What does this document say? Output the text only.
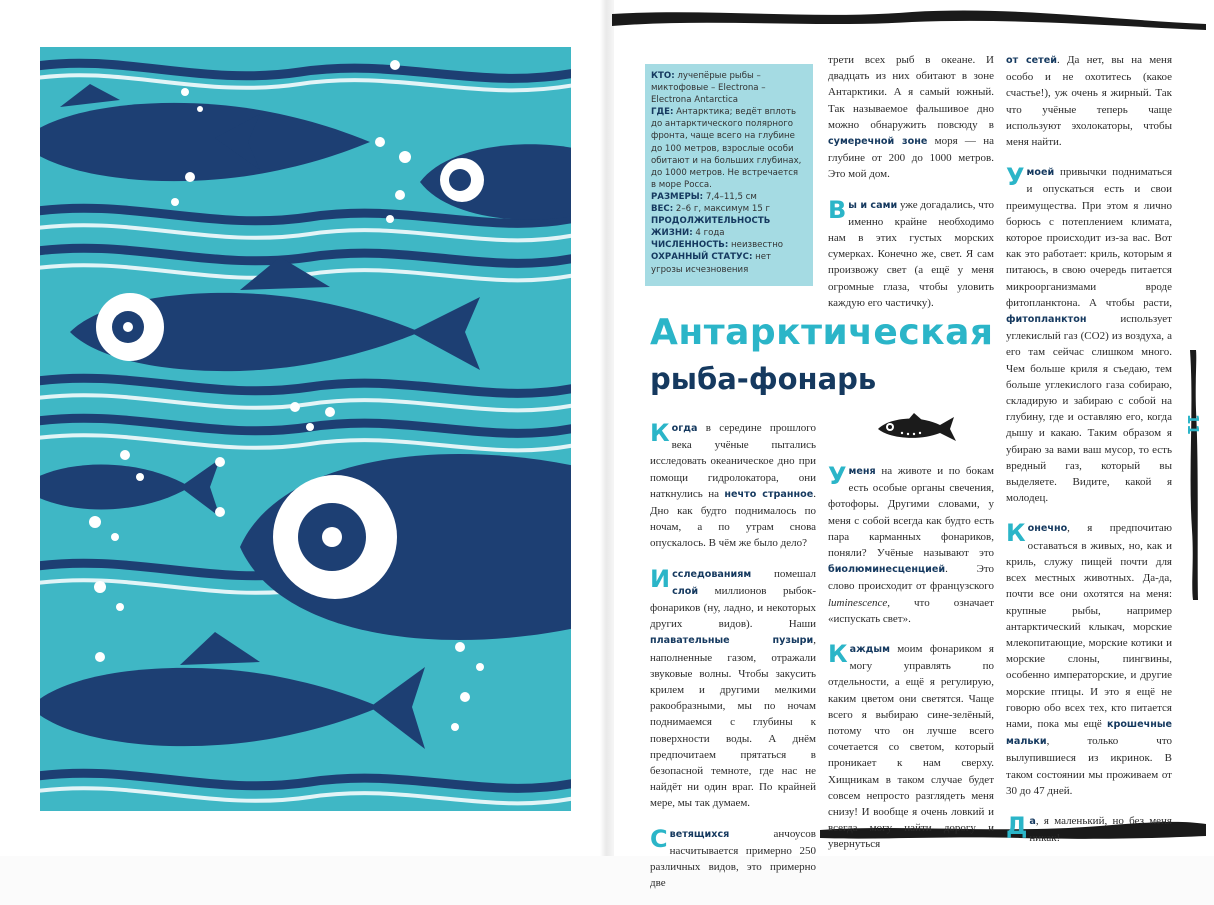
11

КТО: лучепёрые рыбы – миктофовые – Electrona – Electrona Antarctica

ГДЕ: Антарктика; ведёт вплоть до антарктического полярного фронта, чаще всего на глубине до 100 метров, взрослые особи обитают и на больших глубинах, до 1000 метров. Не встречается в море Росса.

РАЗМЕРЫ: 7,4–11,5 см

ВЕС: 2–6 г, максимум 15 г

ПРОДОЛЖИТЕЛЬНОСТЬ ЖИЗНИ: 4 года

ЧИСЛЕННОСТЬ: неизвестно

ОХРАННЫЙ СТАТУС: нет угрозы исчезновения

Антарктическая
рыба-фонарь

Когда в середине прошлого века учёные пытались исследовать океаническое дно при помощи гидролокатора, они наткнулись на нечто странное. Дно как будто поднималось по ночам, а по утрам снова опускалось. В чём же было дело?

Исследованиям помешал слой миллионов рыбок-фонариков (ну, ладно, и некоторых других видов). Наши плавательные пузыри, наполненные газом, отражали звуковые волны. Чтобы закусить крилем и другими мелкими ракообразными, мы по ночам поднимаемся с глубины к поверхности воды. А днём предпочитаем прятаться в безопасной темноте, где нас не найдёт ни один враг. По крайней мере, мы так думаем.

Светящихся анчоусов насчитывается примерно 250 различных видов, это примерно две

трети всех рыб в океане. И двадцать из них обитают в зоне Антарктики. А я самый южный. Так называемое фальшивое дно можно обнаружить повсюду в сумеречной зоне моря — на глубине от 200 до 1000 метров. Это мой дом.

Вы и сами уже догадались, что именно крайне необходимо нам в этих густых морских сумерках. Конечно же, свет. Я сам произвожу свет (а ещё у меня огромные глаза, чтобы уловить каждую его частичку).

Уменя на животе и по бокам есть особые органы свечения, фотофоры. Другими словами, у меня с собой всегда как будто есть пара карманных фонариков, поняли? Учёные называют это биолюминесценцией. Это слово происходит от французского luminescence, что означает «испускать свет».

Каждым моим фонариком я могу управлять по отдельности, а ещё я регулирую, каким цветом они светятся. Чаще всего я выбираю сине-зелёный, потому что он лучше всего сочетается со светом, который проникает к нам сверху. Хищникам в таком случае будет совсем непросто разглядеть меня снизу! И вообще я очень ловкий и всегда могу найти дорогу и увернуться

от сетей. Да нет, вы на меня особо и не охотитесь (какое счастье!), уж очень я жирный. Так что учёные теперь чаще используют эхолокаторы, чтобы меня найти.

Умоей привычки подниматься и опускаться есть и свои преимущества. При этом я лично борюсь с потеплением климата, которое происходит из-за вас. Вот как это работает: криль, которым я питаюсь, в свою очередь питается микроорганизмами вроде фитопланктона. А чтобы расти, фитопланктон использует углекислый газ (CO2) из воздуха, а его там сейчас слишком много. Чем больше криля я съедаю, тем больше углекислого газа собираю, складирую и забираю с собой на глубину, где и оставляю его, когда дышу и какаю. Таким образом я убираю за вами ваш мусор, то есть вредный газ, который вы выделяете. Видите, какой я молодец.

Конечно, я предпочитаю оставаться в живых, но, как и криль, служу пищей почти для всех местных животных. Да-да, почти все они охотятся на меня: крупные рыбы, например антарктический клыкач, морские млекопитающие, морские котики и морские слоны, пингвины, особенно императорские, и другие морские птицы. И это я ещё не говорю обо всех тех, кто питается нами, пока мы ещё крошечные мальки, только что вылупившиеся из икринок. В таком состоянии мы проживаем от 30 до 47 дней.

Да, я маленький, но без меня никак!
